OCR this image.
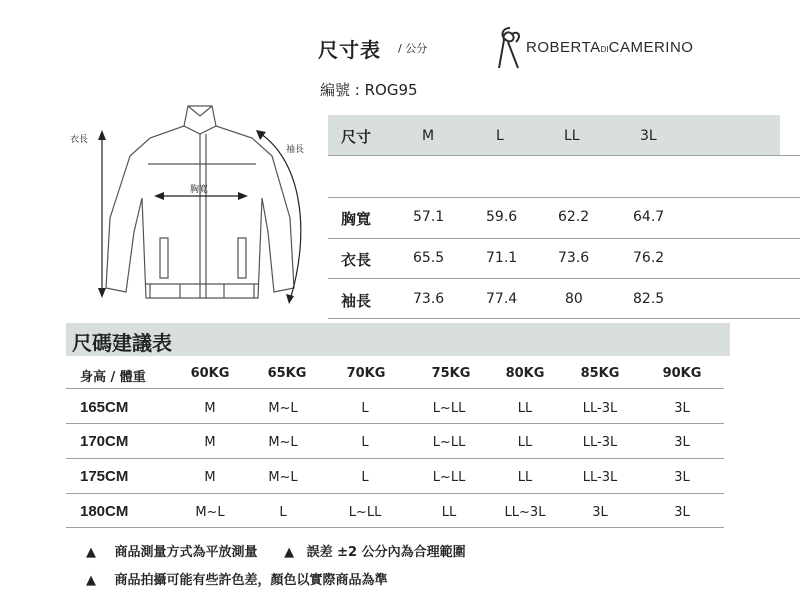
尺寸表 / 公分
編號 : ROG95
ROBERTADICAMERINO
衣長
袖長
胸寬
尺寸	M	L	LL	3L
胸寬	57.1	59.6	62.2	64.7
衣長	65.5	71.1	73.6	76.2
袖長	73.6	77.4	80	82.5
尺碼建議表
身高 / 體重	60KG	65KG	70KG	75KG	80KG	85KG	90KG
165CM	M	M~L	L	L~LL	LL	LL-3L	3L
170CM	M	M~L	L	L~LL	LL	LL-3L	3L
175CM	M	M~L	L	L~LL	LL	LL-3L	3L
180CM	M~L	L	L~LL	LL	LL~3L	3L	3L
▲ 商品測量方式為平放測量 ▲ 誤差 ±2 公分內為合理範圍
▲ 商品拍攝可能有些許色差，顏色以實際商品為準
